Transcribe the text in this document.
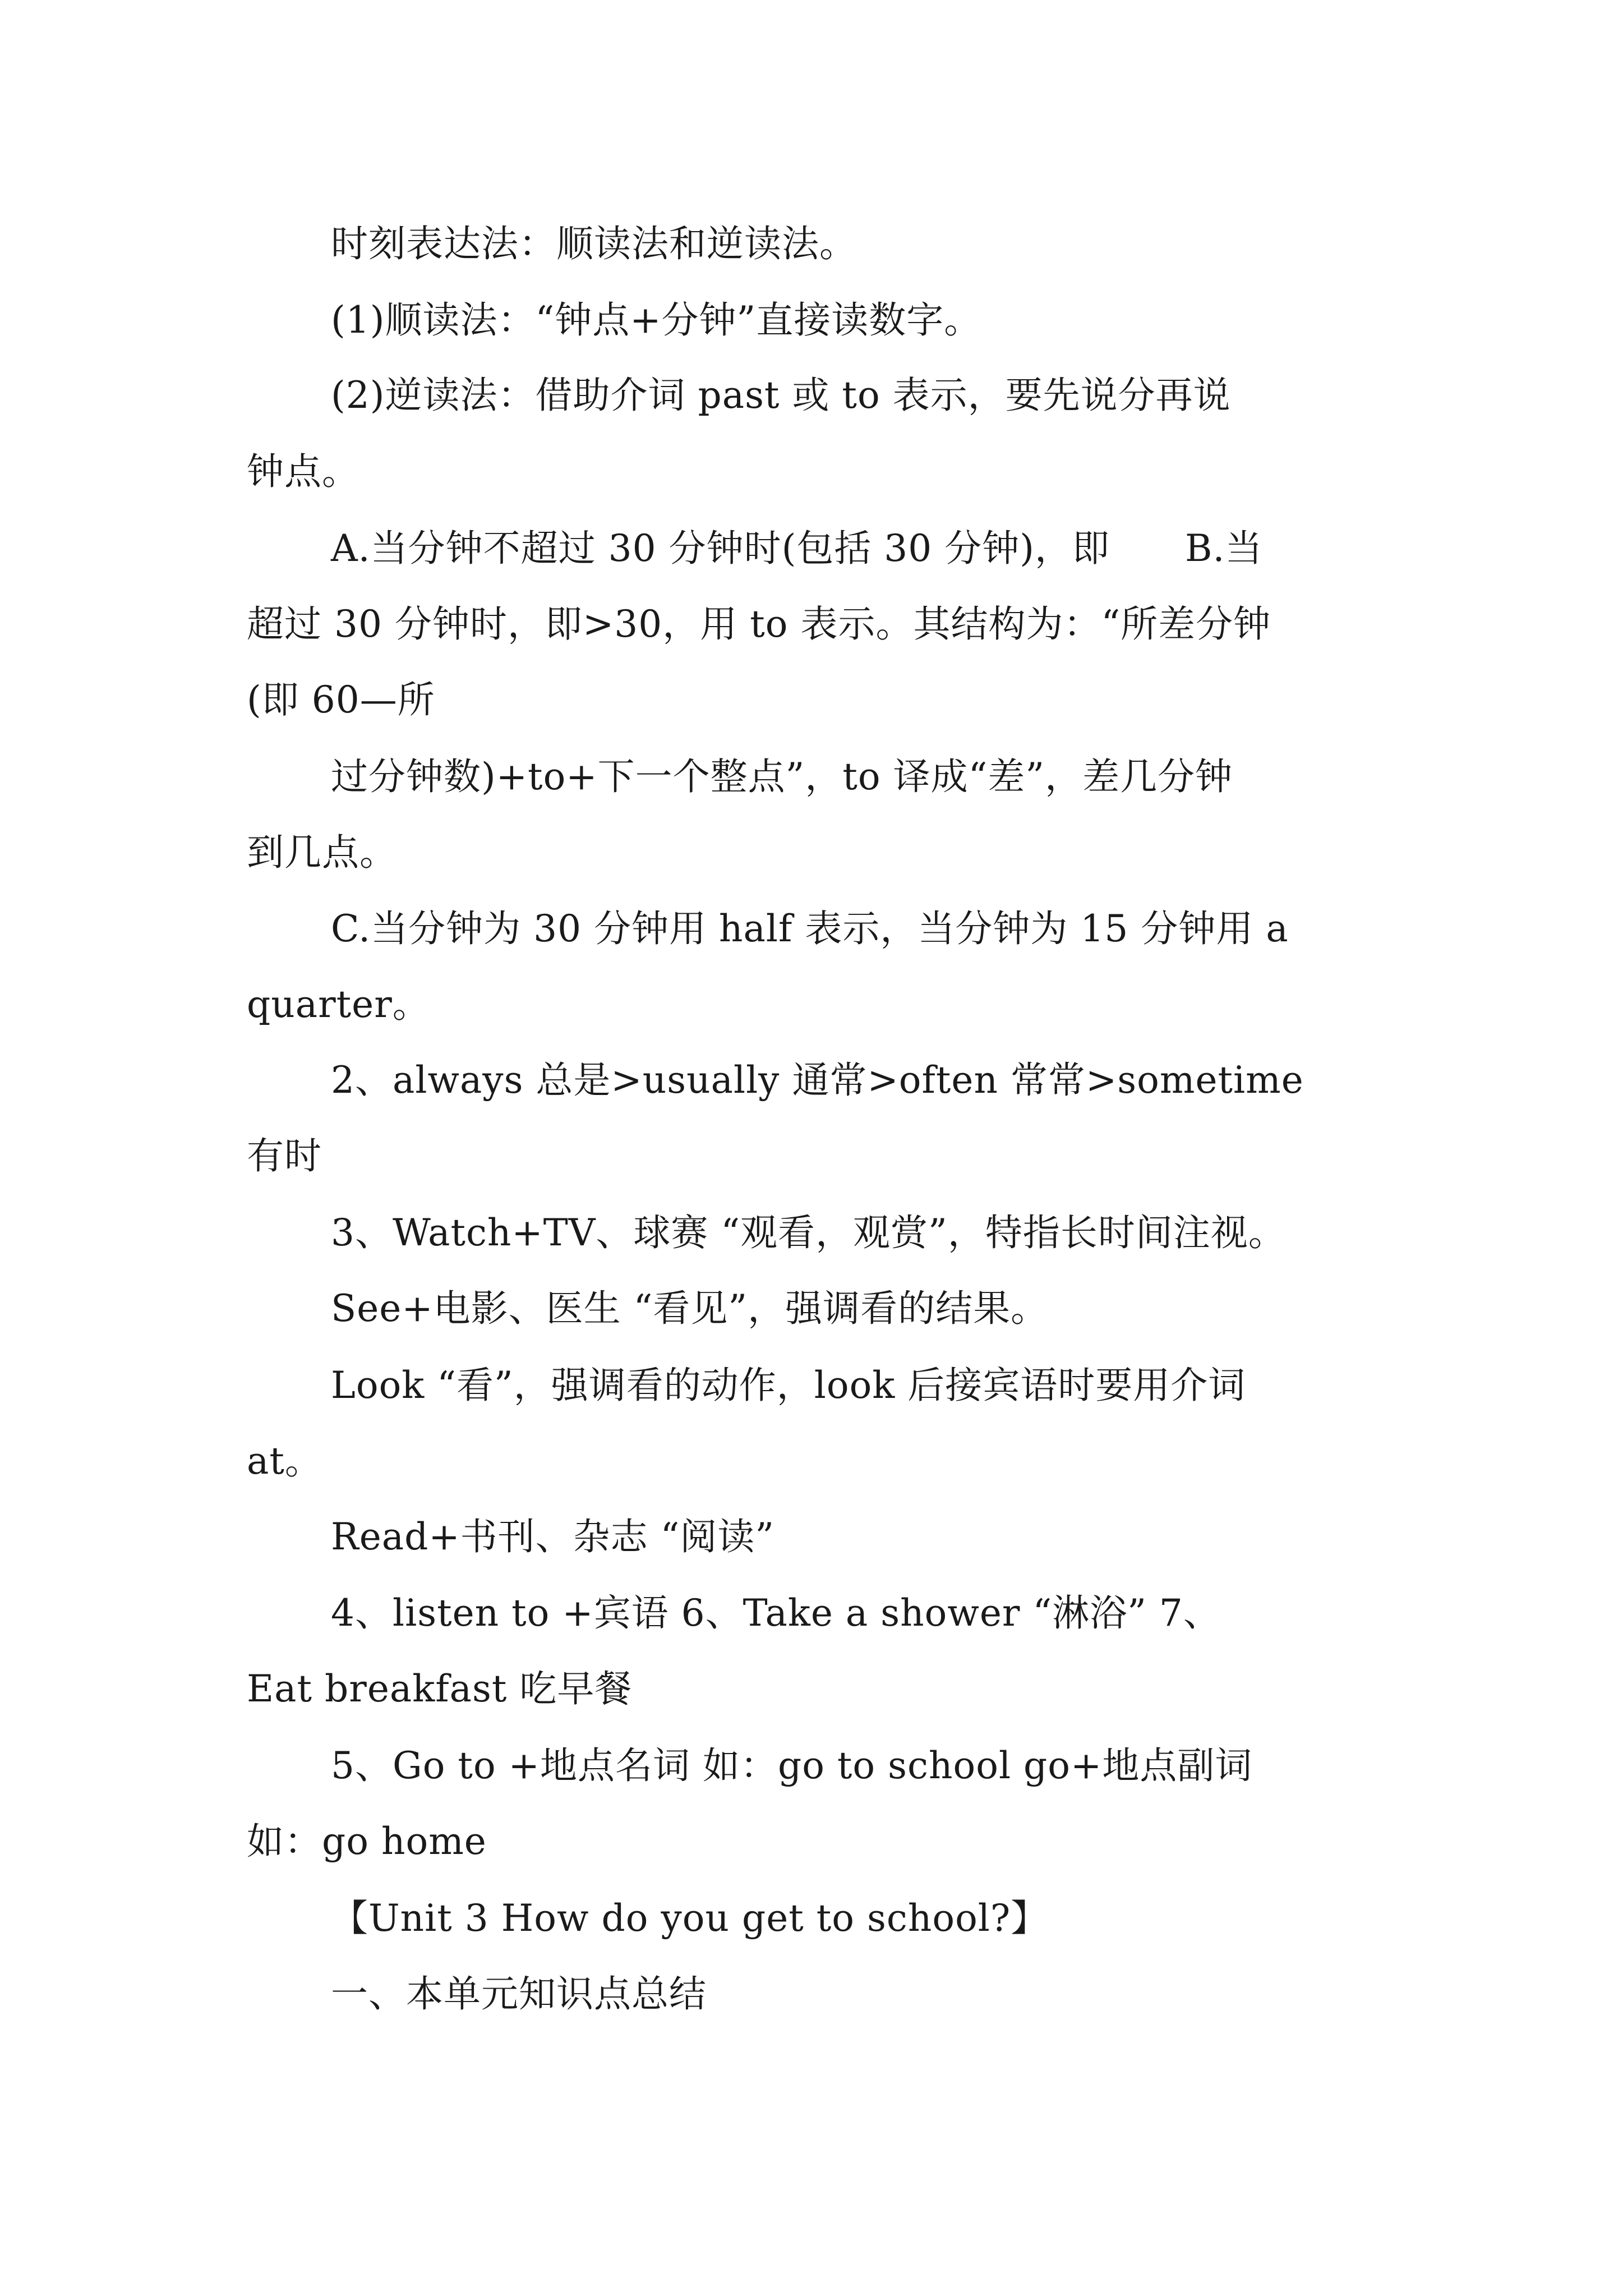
时刻表达法：顺读法和逆读法。
(1)顺读法：“钟点+分钟”直接读数字。
(2)逆读法：借助介词 past 或 to 表示，要先说分再说
钟点。
A.当分钟不超过 30 分钟时(包括 30 分钟)，即　　B.当
超过 30 分钟时，即>30，用 to 表示。其结构为：“所差分钟
(即 60—所
过分钟数)+to+下一个整点”，to 译成“差”，差几分钟
到几点。
C.当分钟为 30 分钟用 half 表示，当分钟为 15 分钟用 a
quarter。
2、always 总是>usually 通常>often 常常>sometime
有时
3、Watch+TV、球赛 “观看，观赏”，特指长时间注视。
See+电影、医生 “看见”，强调看的结果。
Look “看”，强调看的动作，look 后接宾语时要用介词
at。
Read+书刊、杂志 “阅读”
4、listen to +宾语 6、Take a shower “淋浴” 7、
Eat breakfast 吃早餐
5、Go to +地点名词 如：go to school go+地点副词
如：go home
【Unit 3 How do you get to school?】
一、本单元知识点总结
